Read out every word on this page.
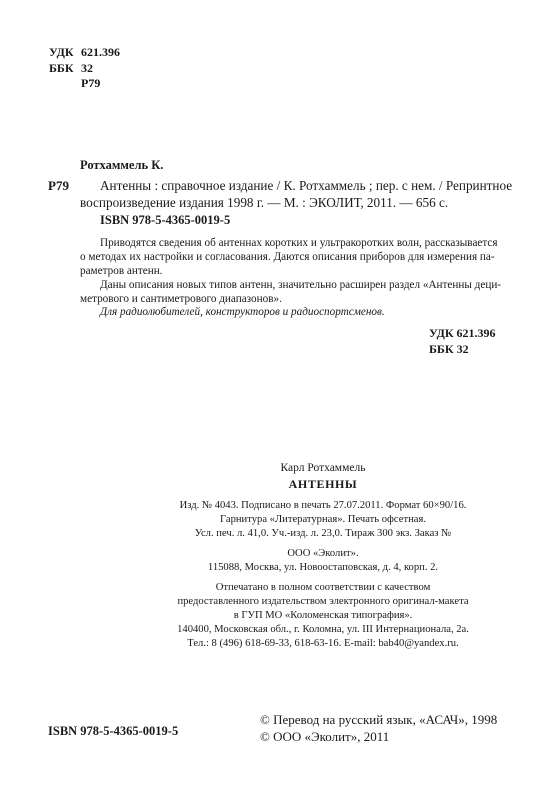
УДК 621.396
ББК 32
Р79
Ротхаммель К.
Р79 Антенны : справочное издание / К. Ротхаммель ; пер. с нем. / Репринтное
воспроизведение издания 1998 г. — М. : ЭКОЛИТ, 2011. — 656 с.
ISBN 978-5-4365-0019-5
Приводятся сведения об антеннах коротких и ультракоротких волн, рассказывается
о методах их настройки и согласования. Даются описания приборов для измерения па-
раметров антенн.
Даны описания новых типов антенн, значительно расширен раздел «Антенны деци-
метрового и сантиметрового диапазонов».
Для радиолюбителей, конструкторов и радиоспортсменов.
УДК 621.396
ББК 32
Карл Ротхаммель
АНТЕННЫ
Изд. № 4043. Подписано в печать 27.07.2011. Формат 60×90/16.
Гарнитура «Литературная». Печать офсетная.
Усл. печ. л. 41,0. Уч.-изд. л. 23,0. Тираж 300 экз. Заказ №
ООО «Эколит».
115088, Москва, ул. Новоостаповская, д. 4, корп. 2.
Отпечатано в полном соответствии с качеством
предоставленного издательством электронного оригинал-макета
в ГУП МО «Коломенская типография».
140400, Московская обл., г. Коломна, ул. III Интернационала, 2а.
Тел.: 8 (496) 618-69-33, 618-63-16. E-mail: bab40@yandex.ru.
ISBN 978-5-4365-0019-5
© Перевод на русский язык, «АСАЧ», 1998
© ООО «Эколит», 2011
